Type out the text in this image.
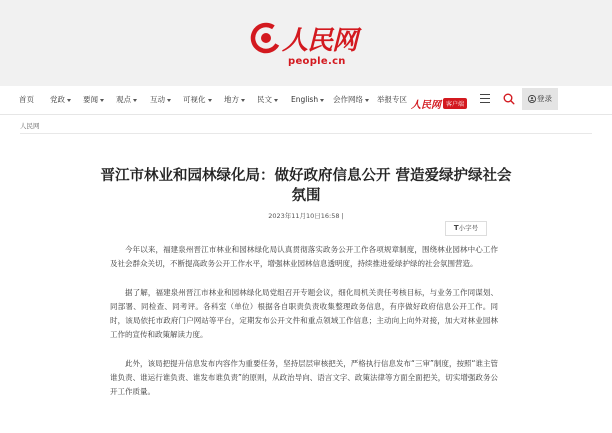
人民网
people.cn
首页 党政	要闻	观点	互动	可视化	地方	民文	English	会作网络	举报专区
人民网 客户端
登录
人民网
晋江市林业和园林绿化局：做好政府信息公开 营造爱绿护绿社会氛围
2023年11月10日16:58 |
T小字号

今年以来，福建泉州晋江市林业和园林绿化局认真贯彻落实政务公开工作各项规章制度，围绕林业园林中心工作及社会群众关切，不断提高政务公开工作水平，增强林业园林信息透明度，持续推进爱绿护绿的社会氛围营造。

据了解，福建泉州晋江市林业和园林绿化局党组召开专题会议，细化局机关责任考核目标，与业务工作同谋划、同部署、同检查、同考评。各科室（单位）根据各自职责负责收集整理政务信息，有序做好政府信息公开工作。同时，该局依托市政府门户网站等平台，定期发布公开文件和重点领域工作信息；主动向上向外对接，加大对林业园林工作的宣传和政策解读力度。

此外，该局把提升信息发布内容作为重要任务，坚持层层审核把关，严格执行信息发布“三审”制度，按照“谁主管谁负责、谁运行谁负责、谁发布谁负责”的原则，从政治导向、语言文字、政策法律等方面全面把关，切实增强政务公开工作质量。
